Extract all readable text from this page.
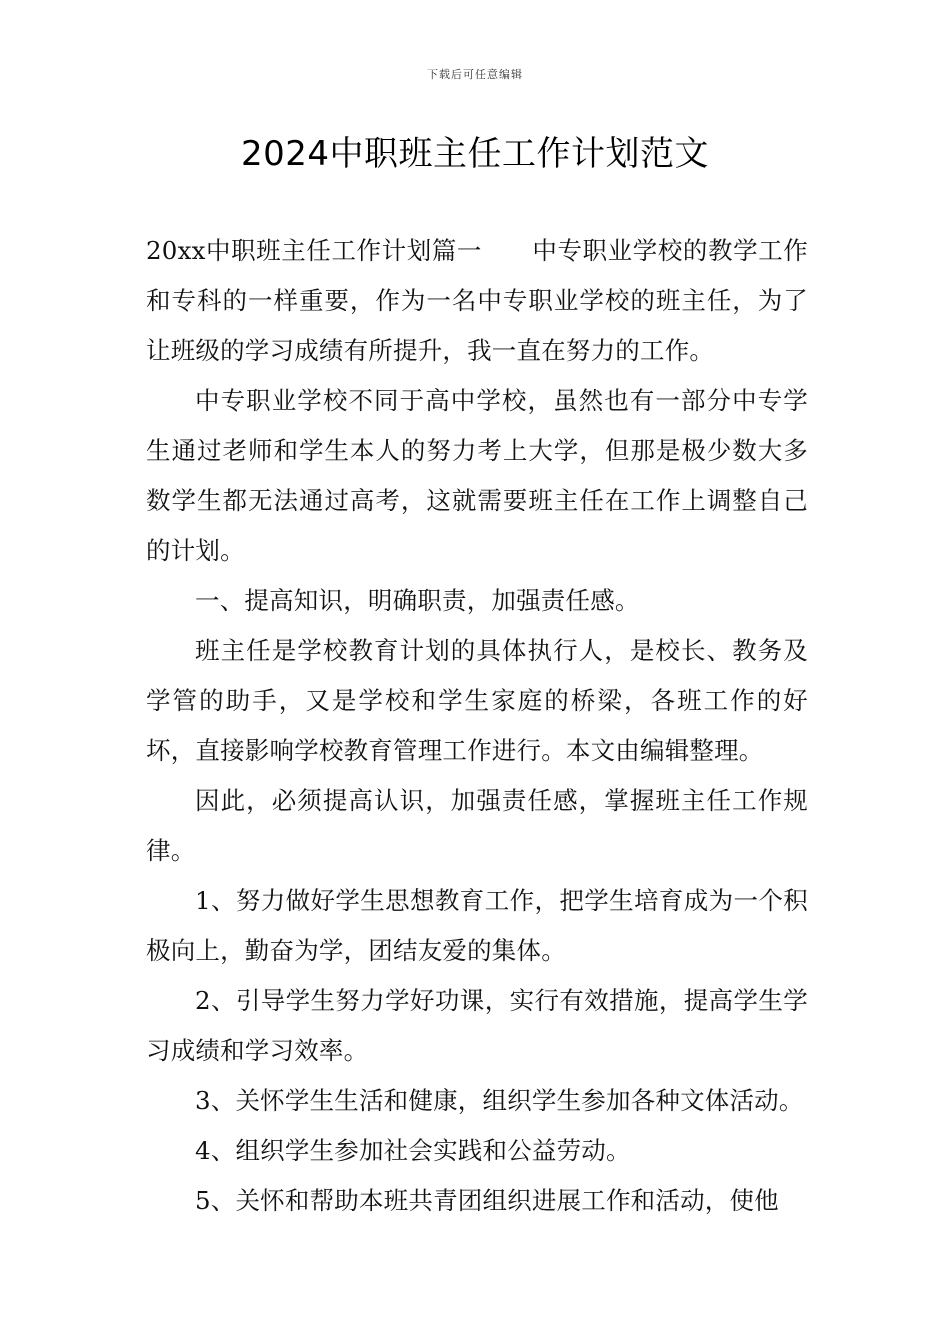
下载后可任意编辑
2024中职班主任工作计划范文

20xx中职班主任工作计划篇一 中专职业学校的教学工作和专科的一样重要，作为一名中专职业学校的班主任，为了让班级的学习成绩有所提升，我一直在努力的工作。

中专职业学校不同于高中学校，虽然也有一部分中专学生通过老师和学生本人的努力考上大学，但那是极少数大多数学生都无法通过高考，这就需要班主任在工作上调整自己的计划。

一、提高知识，明确职责，加强责任感。

班主任是学校教育计划的具体执行人，是校长、教务及学管的助手，又是学校和学生家庭的桥梁，各班工作的好坏，直接影响学校教育管理工作进行。本文由编辑整理。

因此，必须提高认识，加强责任感，掌握班主任工作规律。

1、努力做好学生思想教育工作，把学生培育成为一个积极向上，勤奋为学，团结友爱的集体。

2、引导学生努力学好功课，实行有效措施，提高学生学习成绩和学习效率。

3、关怀学生生活和健康，组织学生参加各种文体活动。

4、组织学生参加社会实践和公益劳动。

5、关怀和帮助本班共青团组织进展工作和活动，使他
